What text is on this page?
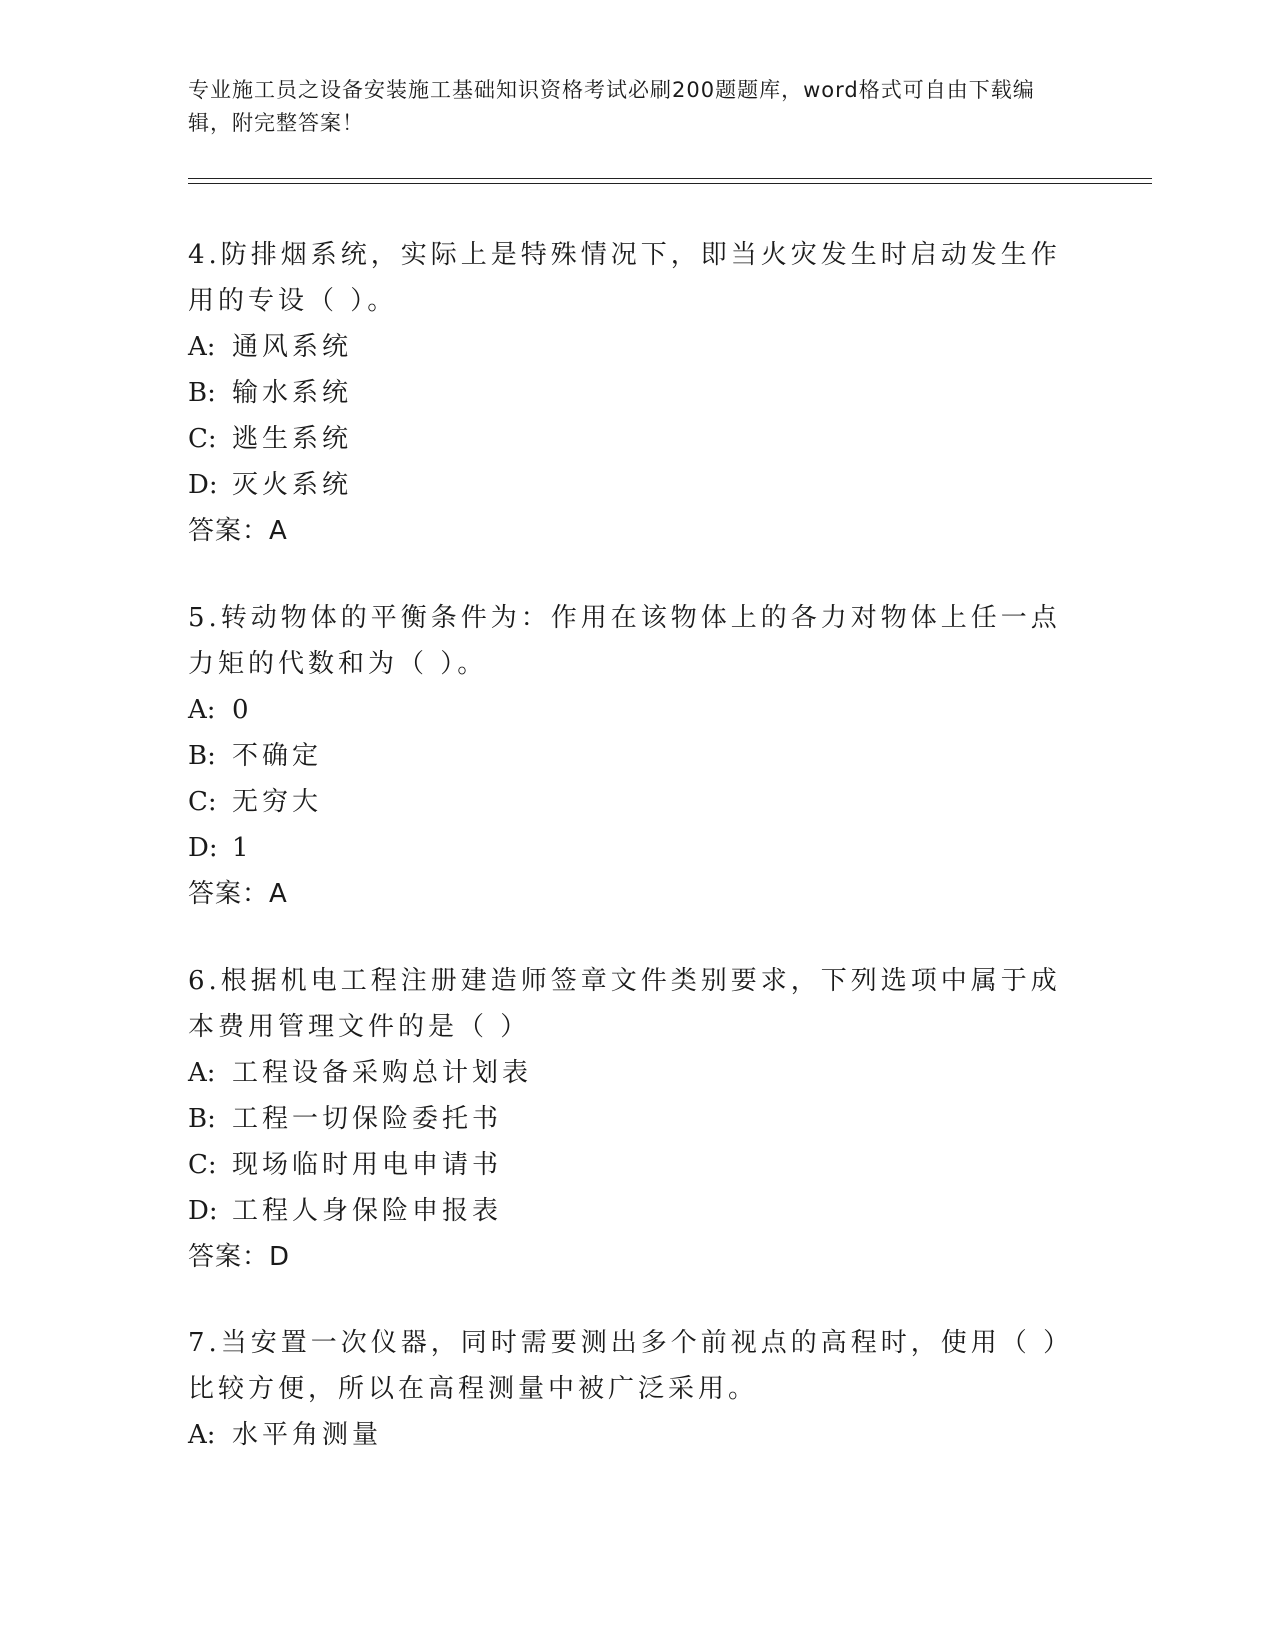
专业施工员之设备安装施工基础知识资格考试必刷200题题库，word格式可自由下载编辑，附完整答案！

4.防排烟系统，实际上是特殊情况下，即当火灾发生时启动发生作用的专设（ ）。

A: 通风系统

B: 输水系统

C: 逃生系统

D: 灭火系统

答案：A

5.转动物体的平衡条件为：作用在该物体上的各力对物体上任一点力矩的代数和为（ ）。

A: 0

B: 不确定

C: 无穷大

D: 1

答案：A

6.根据机电工程注册建造师签章文件类别要求，下列选项中属于成本费用管理文件的是（ ）

A: 工程设备采购总计划表

B: 工程一切保险委托书

C: 现场临时用电申请书

D: 工程人身保险申报表

答案：D

7.当安置一次仪器，同时需要测出多个前视点的高程时，使用（ ）比较方便，所以在高程测量中被广泛采用。

A: 水平角测量
